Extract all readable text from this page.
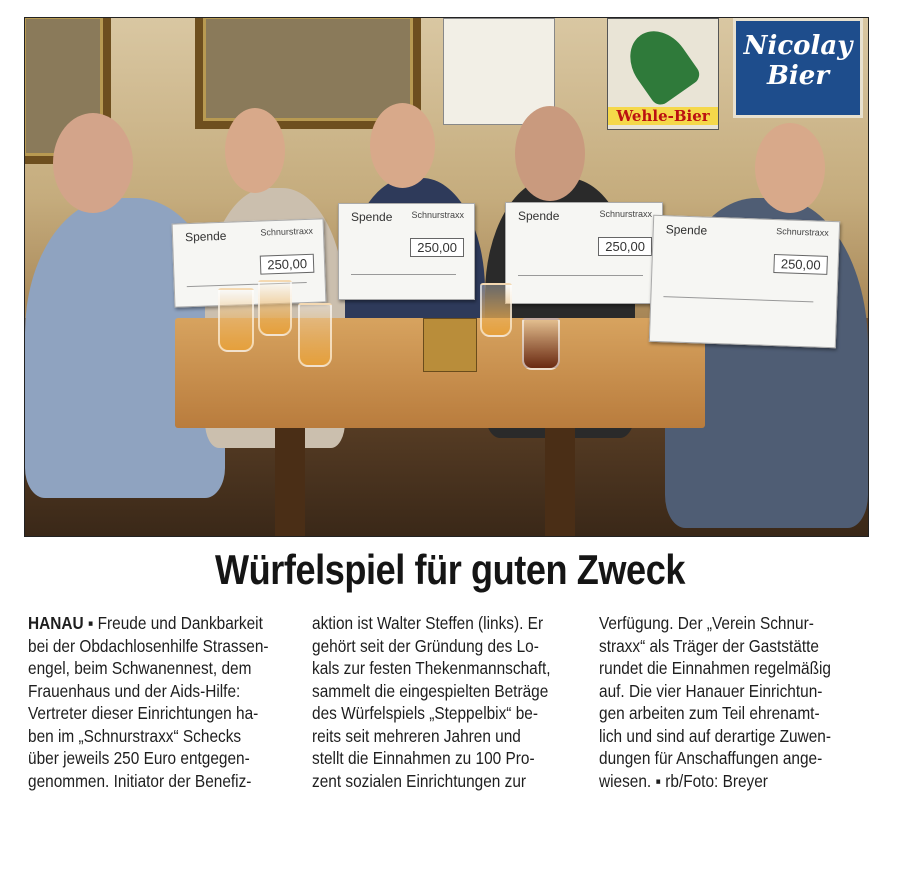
Wehle-Bier
Nicolay
Bier
Spende	Schnurstraxx
250,00
Spende Schnurstraxx
250,00
Spende	Schnurstraxx
250,00
Spende	Schnurstraxx
250,00
Würfelspiel für guten Zweck
HANAU ▪ Freude und Dankbarkeit
bei der Obdachlosenhilfe Strassen-
engel, beim Schwanennest, dem
Frauenhaus und der Aids-Hilfe:
Vertreter dieser Einrichtungen ha-
ben im „Schnurstraxx“ Schecks
über jeweils 250 Euro entgegen-
genommen. Initiator der Benefiz-
aktion ist Walter Steffen (links). Er
gehört seit der Gründung des Lo-
kals zur festen Thekenmannschaft,
sammelt die eingespielten Beträge
des Würfelspiels „Steppelbix“ be-
reits seit mehreren Jahren und
stellt die Einnahmen zu 100 Pro-
zent sozialen Einrichtungen zur
Verfügung. Der „Verein Schnur-
straxx“ als Träger der Gaststätte
rundet die Einnahmen regelmäßig
auf. Die vier Hanauer Einrichtun-
gen arbeiten zum Teil ehrenamt-
lich und sind auf derartige Zuwen-
dungen für Anschaffungen ange-
wiesen. ▪ rb/Foto: Breyer
